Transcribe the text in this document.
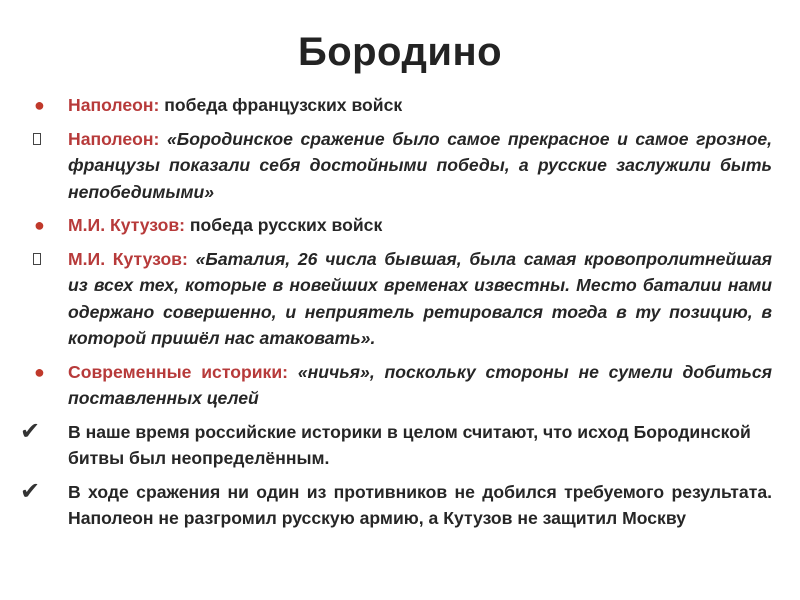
Бородино
● Наполеон: победа французских войск
Наполеон: «Бородинское сражение было самое прекрасное и самое грозное, французы показали себя достойными победы, а русские заслужили быть непобедимыми»
● М.И. Кутузов: победа русских войск
М.И. Кутузов: «Баталия, 26 числа бывшая, была самая кровопролитнейшая из всех тех, которые в новейших временах известны. Место баталии нами одержано совершенно, и неприятель ретировался тогда в ту позицию, в которой пришёл нас атаковать».
● Современные историки: «ничья», поскольку стороны не сумели добиться поставленных целей
✔ В наше время российские историки в целом считают, что исход Бородинской битвы был неопределённым.
✔ В ходе сражения ни один из противников не добился требуемого результата. Наполеон не разгромил русскую армию, а Кутузов не защитил Москву
